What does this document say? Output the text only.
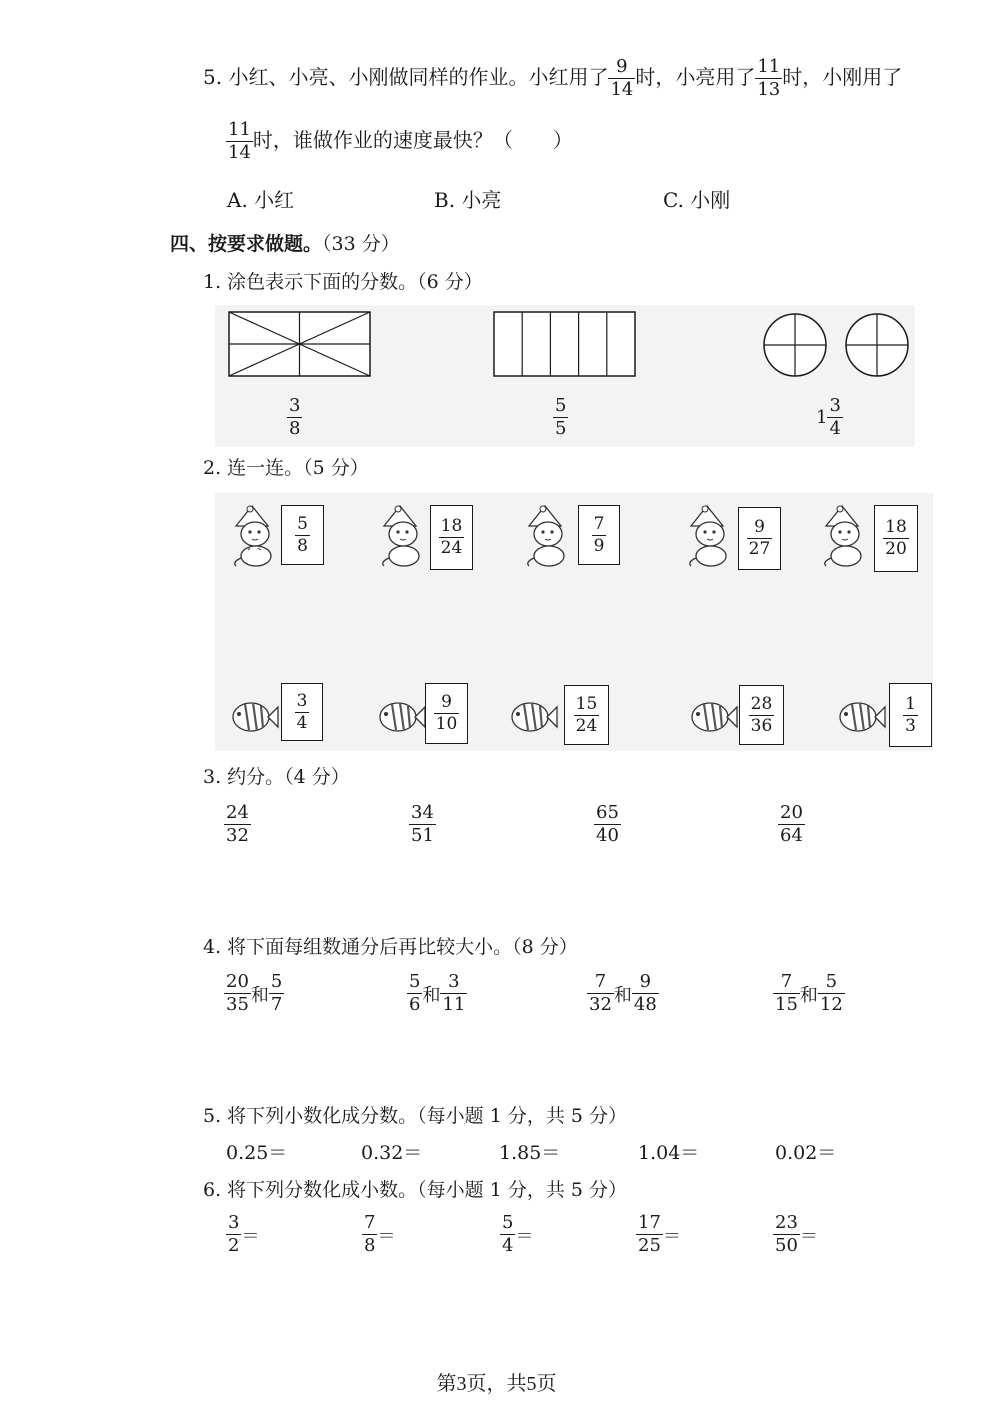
5. 小红、小亮、小刚做同样的作业。小红用了 $\frac{9}{14}$ 时，小亮用了 $\frac{11}{13}$ 时，小刚用了
$\frac{11}{14}$ 时，谁做作业的速度最快？（　　）
A. 小红	B. 小亮	C. 小刚
四、按要求做题。（33 分）
1. 涂色表示下面的分数。（6 分）
$\frac{3}{8}$	$\frac{5}{5}$	$1 \frac{3}{4}$
2. 连一连。（5 分）
$\frac{5}{8}$	$\frac{18}{24}$	$\frac{7}{9}$	$\frac{9}{27}$	$\frac{18}{20}$
$\frac{3}{4}$	$\frac{9}{10}$	$\frac{15}{24}$	$\frac{28}{36}$	$\frac{1}{3}$
3. 约分。（4 分）
$\frac{24}{32}$	$\frac{34}{51}$	$\frac{65}{40}$	$\frac{20}{64}$
4. 将下面每组数通分后再比较大小。（8 分）
$\frac{20}{35}$ 和 $\frac{5}{7}$	$\frac{5}{6}$ 和 $\frac{3}{11}$	$\frac{7}{32}$ 和 $\frac{9}{48}$	$\frac{7}{15}$ 和 $\frac{5}{12}$
5. 将下列小数化成分数。（每小题 1 分，共 5 分）
0.25＝	0.32＝	1.85＝	1.04＝	0.02＝
6. 将下列分数化成小数。（每小题 1 分，共 5 分）
$\frac{3}{2}$ ＝	$\frac{7}{8}$ ＝	$\frac{5}{4}$ ＝	$\frac{17}{25}$ ＝	$\frac{23}{50}$ ＝
第3页，共5页
